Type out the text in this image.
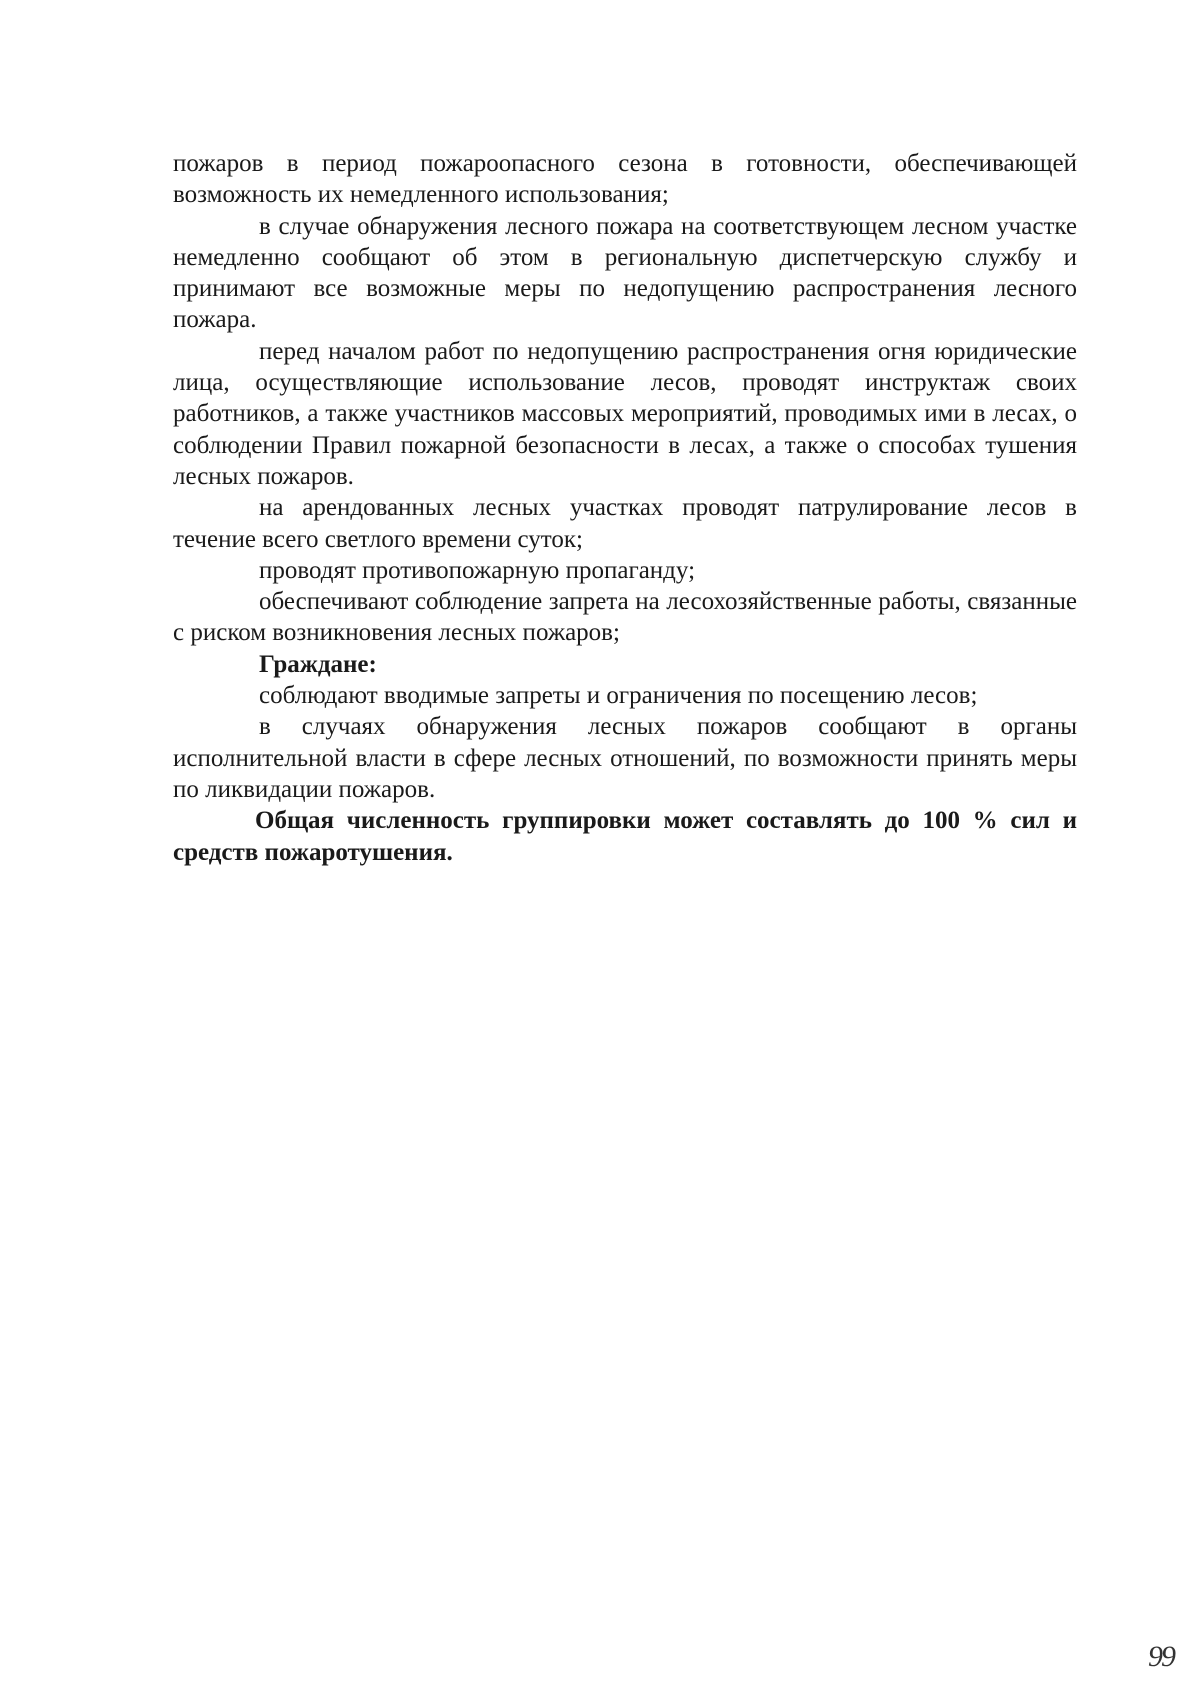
пожаров в период пожароопасного сезона в готовности, обеспечивающей возможность их немедленного использования;

в случае обнаружения лесного пожара на соответствующем лесном участке немедленно сообщают об этом в региональную диспетчерскую службу и принимают все возможные меры по недопущению распространения лесного пожара.

перед началом работ по недопущению распространения огня юридические лица, осуществляющие использование лесов, проводят инструктаж своих работников, а также участников массовых мероприятий, проводимых ими в лесах, о соблюдении Правил пожарной безопасности в лесах, а также о способах тушения лесных пожаров.

на арендованных лесных участках проводят патрулирование лесов в течение всего светлого времени суток;

проводят противопожарную пропаганду;

обеспечивают соблюдение запрета на лесохозяйственные работы, связанные с риском возникновения лесных пожаров;

Граждане:

соблюдают вводимые запреты и ограничения по посещению лесов;

в случаях обнаружения лесных пожаров сообщают в органы исполнительной власти в сфере лесных отношений, по возможности принять меры по ликвидации пожаров.

Общая численность группировки может составлять до 100 % сил и средств пожаротушения.

99
